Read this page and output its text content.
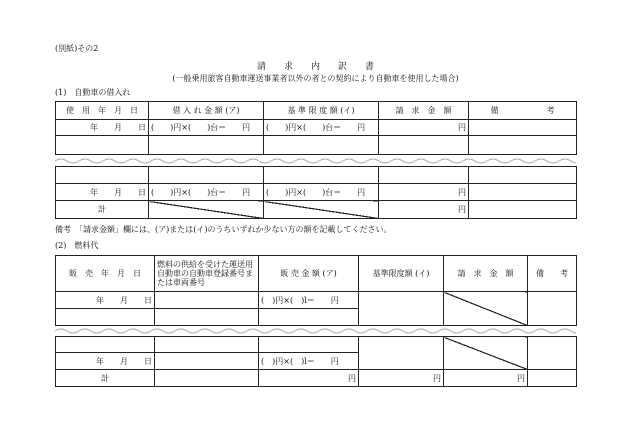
(別紙)その2
請　　求　　内　　訳　　書
(一般乗用旅客自動車運送事業者以外の者との契約により自動車を使用した場合)
(1)　自動車の借入れ
使　用　年　月　日	借 入 れ 金 額 (ア)	基 準 限 度 額 (イ)	請　求　金　額	備　　　　　　考
年　　月　　日	(　　)円×(　　)台＝　　円	(　　)円×(　　)台＝　　円	円	

年　　月　　日	(　　)円×(　　)台＝　　円	(　　)円×(　　)台＝　　円	円	
計			円	
備考　「請求金額」欄には、(ア)または(イ)のうちいずれか少ない方の額を記載してください。
(2)　燃料代
販　売　年　月　日	燃料の供給を受けた運送用自動車の自動車登録番号または車両番号	販 売 金 額 (ア)	基準限度額 (イ)	請　求　金　額	備　　考
年　　月　　日		(　)円×(　)l＝　　円			

年　　月　　日		(　)円×(　)l＝　　円			
計		円	円	円	
